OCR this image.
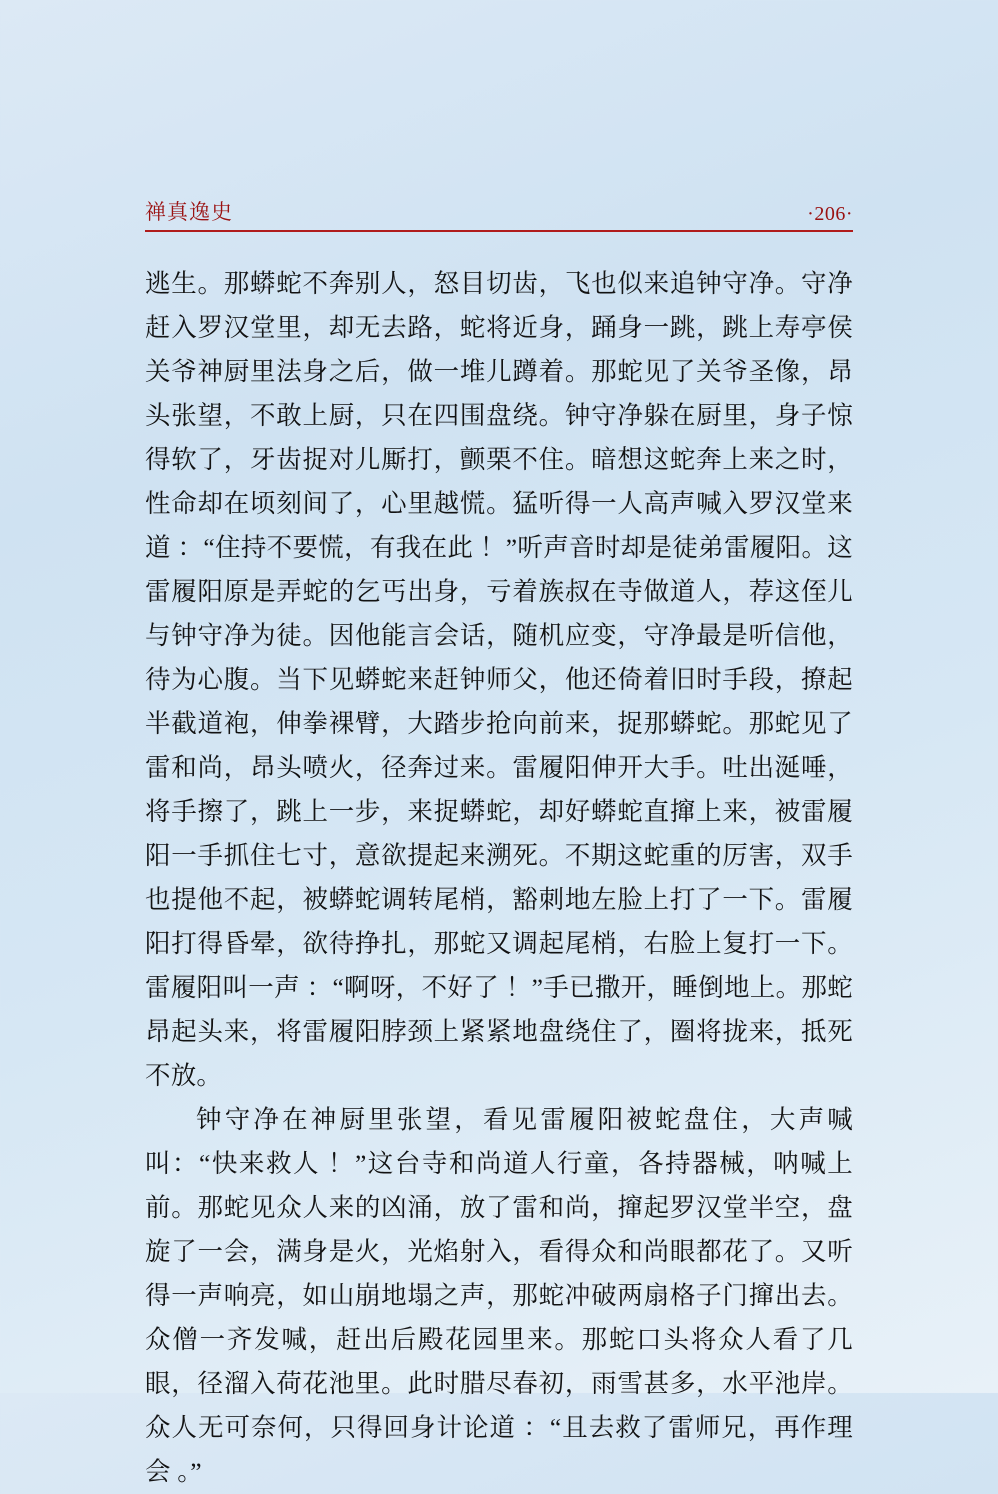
禅真逸史	·206·

逃生。那蟒蛇不奔别人，怒目切齿，飞也似来追钟守净。守净赶入罗汉堂里，却无去路，蛇将近身，踊身一跳，跳上寿亭侯关爷神厨里法身之后，做一堆儿蹲着。那蛇见了关爷圣像，昂头张望，不敢上厨，只在四围盘绕。钟守净躲在厨里，身子惊得软了，牙齿捉对儿厮打，颤栗不住。暗想这蛇奔上来之时，性命却在顷刻间了，心里越慌。猛听得一人高声喊入罗汉堂来道 ：“住持不要慌，有我在此 ！”听声音时却是徒弟雷履阳。这雷履阳原是弄蛇的乞丐出身，亏着族叔在寺做道人，荐这侄儿与钟守净为徒。因他能言会话，随机应变，守净最是听信他，待为心腹。当下见蟒蛇来赶钟师父，他还倚着旧时手段，撩起半截道袍，伸拳裸臂，大踏步抢向前来，捉那蟒蛇。那蛇见了雷和尚，昂头喷火，径奔过来。雷履阳伸开大手。吐出涎唾，将手擦了，跳上一步，来捉蟒蛇，却好蟒蛇直撺上来，被雷履阳一手抓住七寸，意欲提起来溯死。不期这蛇重的厉害，双手也提他不起，被蟒蛇调转尾梢，豁刺地左脸上打了一下。雷履阳打得昏晕，欲待挣扎，那蛇又调起尾梢，右脸上复打一下。雷履阳叫一声 ：“啊呀，不好了 ！”手已撒开，睡倒地上。那蛇昂起头来，将雷履阳脖颈上紧紧地盘绕住了，圈将拢来，抵死不放。

钟守净在神厨里张望，看见雷履阳被蛇盘住，大声喊叫：“快来救人 ！”这台寺和尚道人行童，各持器械，呐喊上前。那蛇见众人来的凶涌，放了雷和尚，撺起罗汉堂半空，盘旋了一会，满身是火，光焰射入，看得众和尚眼都花了。又听得一声响亮，如山崩地塌之声，那蛇冲破两扇格子门撺出去。众僧一齐发喊，赶出后殿花园里来。那蛇口头将众人看了几眼，径溜入荷花池里。此时腊尽春初，雨雪甚多，水平池岸。众人无可奈何，只得回身计论道 ：“且去救了雷师兄，再作理会 。”
